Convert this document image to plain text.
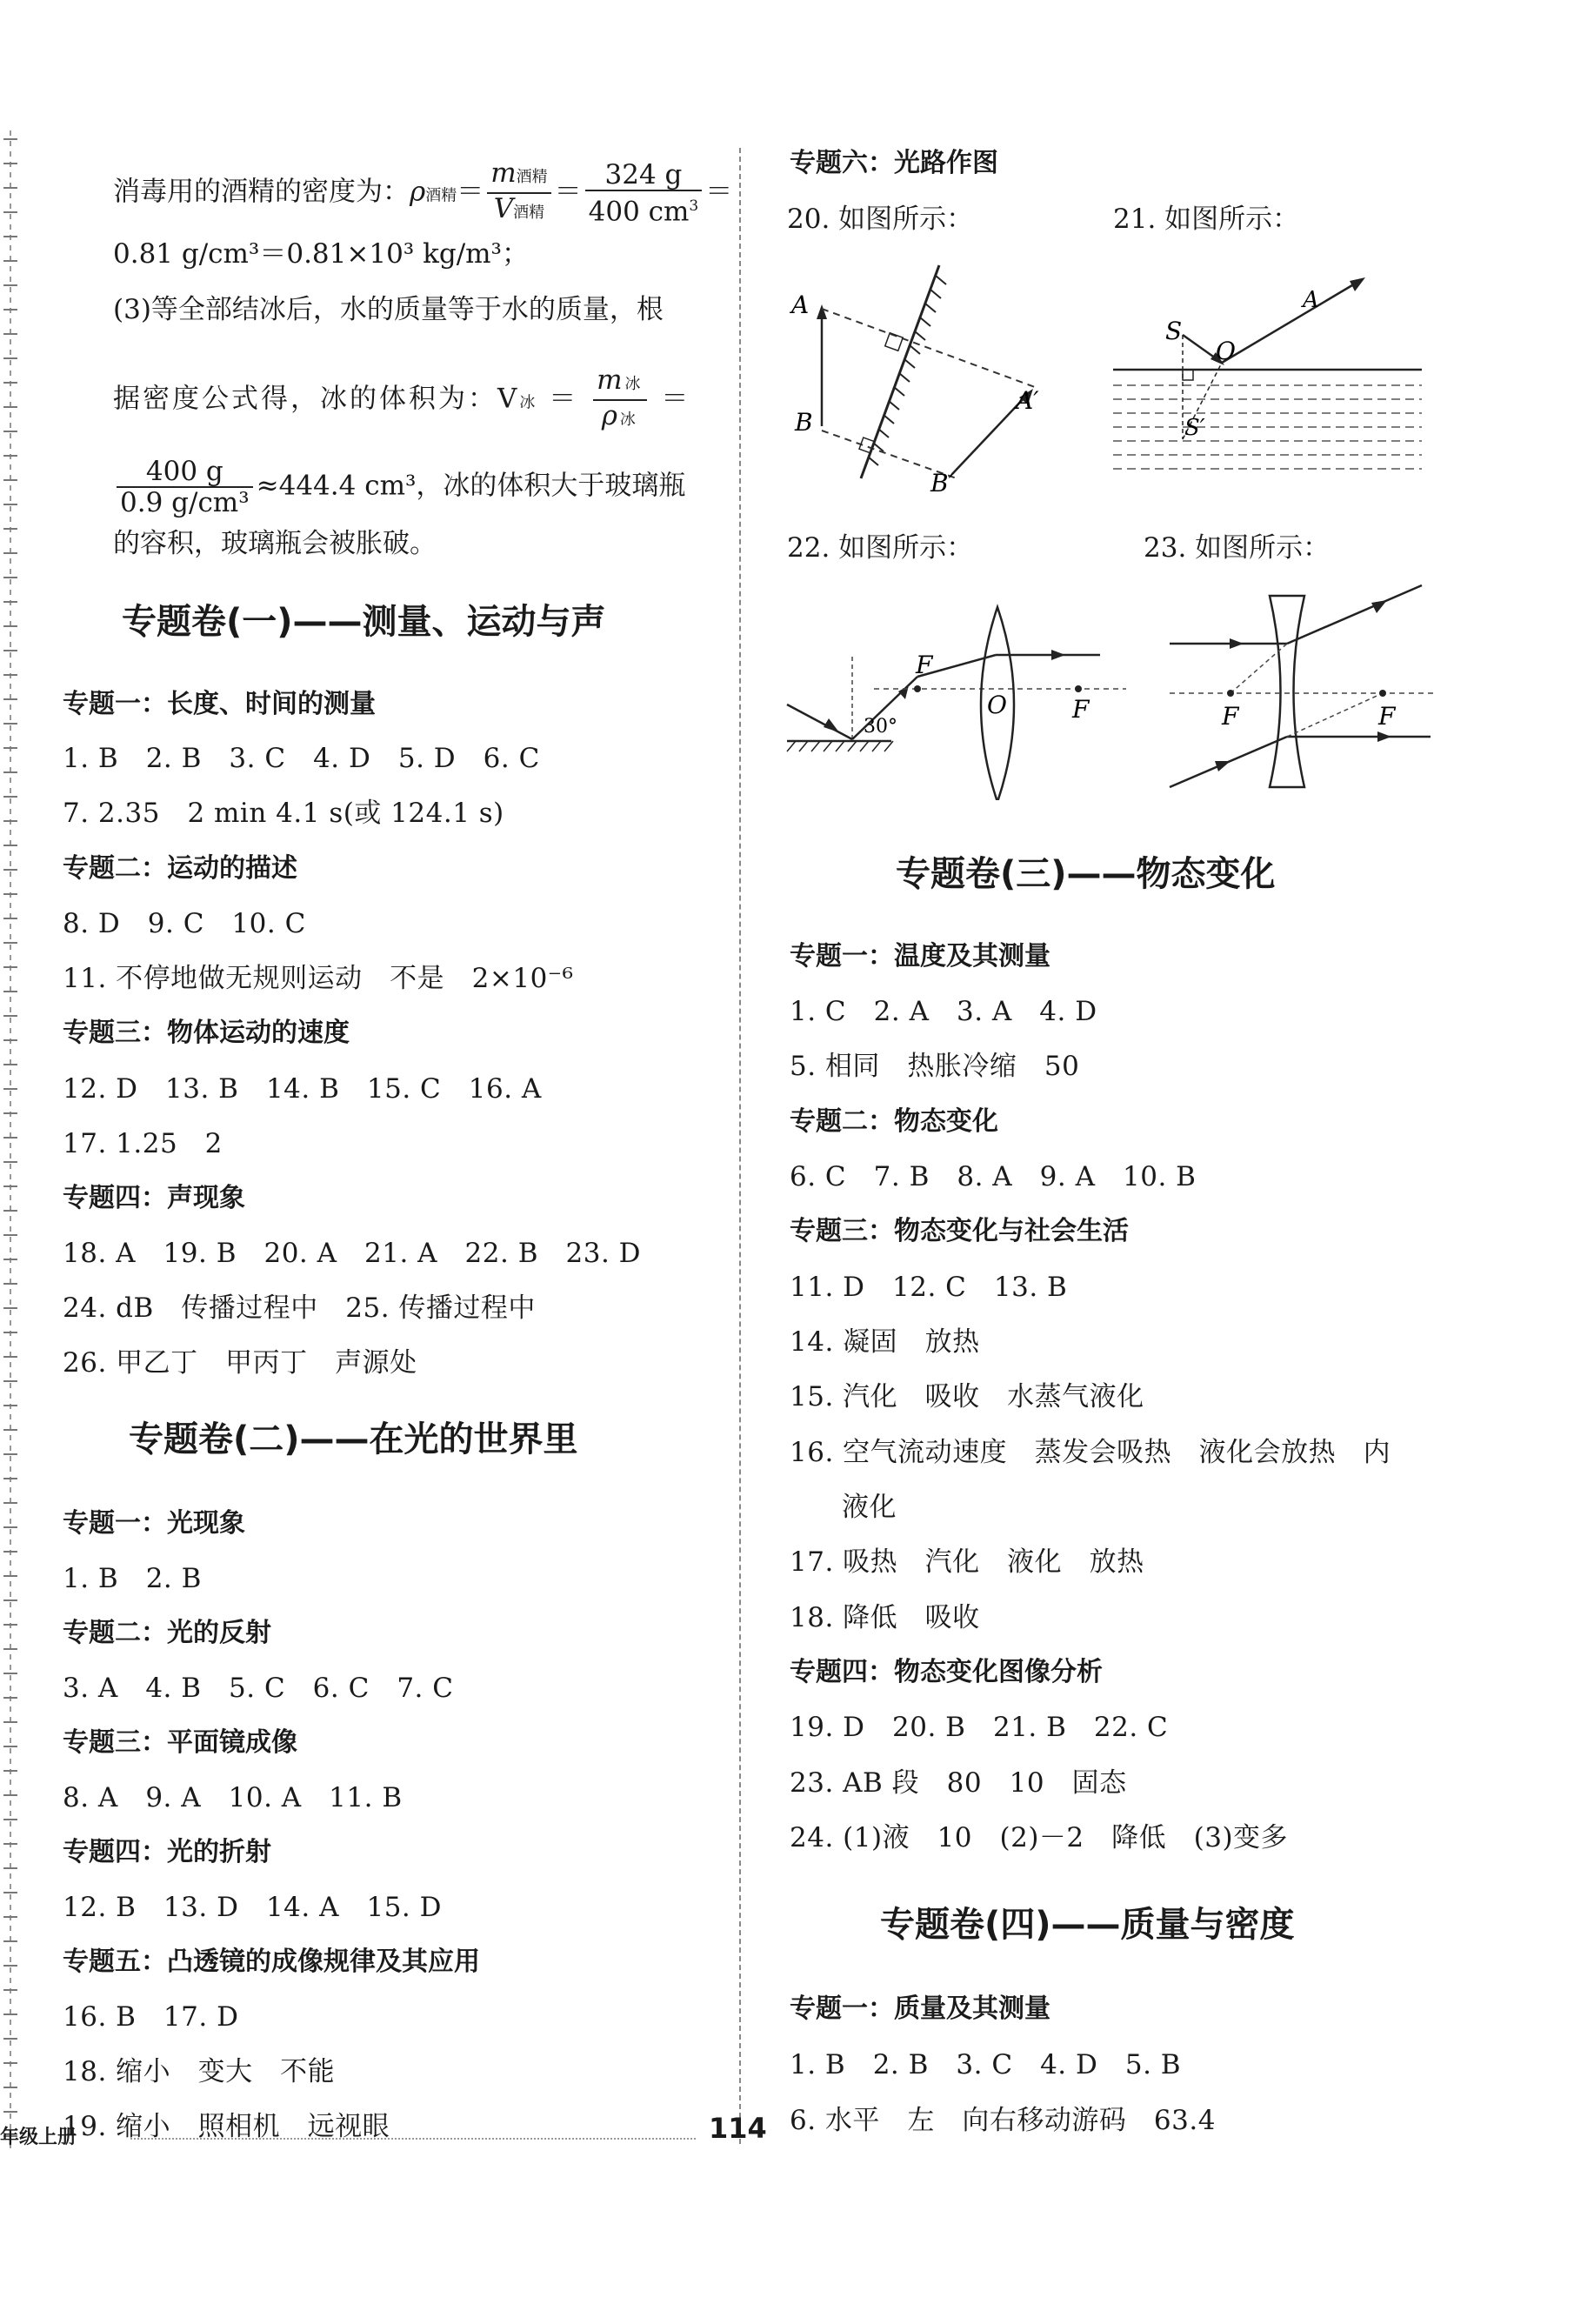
消毒用的酒精的密度为：ρ酒精＝ $\frac{\text{m酒精}}{\text{V酒精}} = \frac{324 g}{400 cm^3}$ ＝
0.81 g/cm³＝0.81×10³ kg/m³；
(3)等全部结冰后，水的质量等于水的质量，根
据密度公式得，冰的体积为：V冰 ＝ $\frac{\text{m冰}}{\text{ρ冰}}$ ＝
$\frac{400 g}{\text{0.9 g/cm³}} \approx 444.4$ cm³，冰的体积大于玻璃瓶
的容积，玻璃瓶会被胀破。
专题卷(一)——测量、运动与声
专题一：长度、时间的测量
1. B　2. B　3. C　4. D　5. D　6. C
7. 2.35　2 min 4.1 s(或 124.1 s)
专题二：运动的描述
8. D　9. C　10. C
11. 不停地做无规则运动　不是　2×10⁻⁶
专题三：物体运动的速度
12. D　13. B　14. B　15. C　16. A
17. 1.25　2
专题四：声现象
18. A　19. B　20. A　21. A　22. B　23. D
24. dB　传播过程中　25. 传播过程中
26. 甲乙丁　甲丙丁　声源处
专题卷(二)——在光的世界里
专题一：光现象
1. B　2. B
专题二：光的反射
3. A　4. B　5. C　6. C　7. C
专题三：平面镜成像
8. A　9. A　10. A　11. B
专题四：光的折射
12. B　13. D　14. A　15. D
专题五：凸透镜的成像规律及其应用
16. B　17. D
18. 缩小　变大　不能
19. 缩小　照相机　远视眼
专题六：光路作图
20. 如图所示：	21. 如图所示：
A
B
A′
B′
S
O
A
S′
22. 如图所示：	23. 如图所示：
F
O	F
30°	F	F
专题卷(三)——物态变化
专题一：温度及其测量
1. C　2. A　3. A　4. D
5. 相同　热胀冷缩　50
专题二：物态变化
6. C　7. B　8. A　9. A　10. B
专题三：物态变化与社会生活
11. D　12. C　13. B
14. 凝固　放热
15. 汽化　吸收　水蒸气液化
16. 空气流动速度　蒸发会吸热　液化会放热　内
液化
17. 吸热　汽化　液化　放热
18. 降低　吸收
专题四：物态变化图像分析
19. D　20. B　21. B　22. C
23. AB 段　80　10　固态
24. (1)液　10　(2)－2　降低　(3)变多
专题卷(四)——质量与密度
专题一：质量及其测量
1. B　2. B　3. C　4. D　5. B
6. 水平　左　向右移动游码　63.4
年级上册	114
